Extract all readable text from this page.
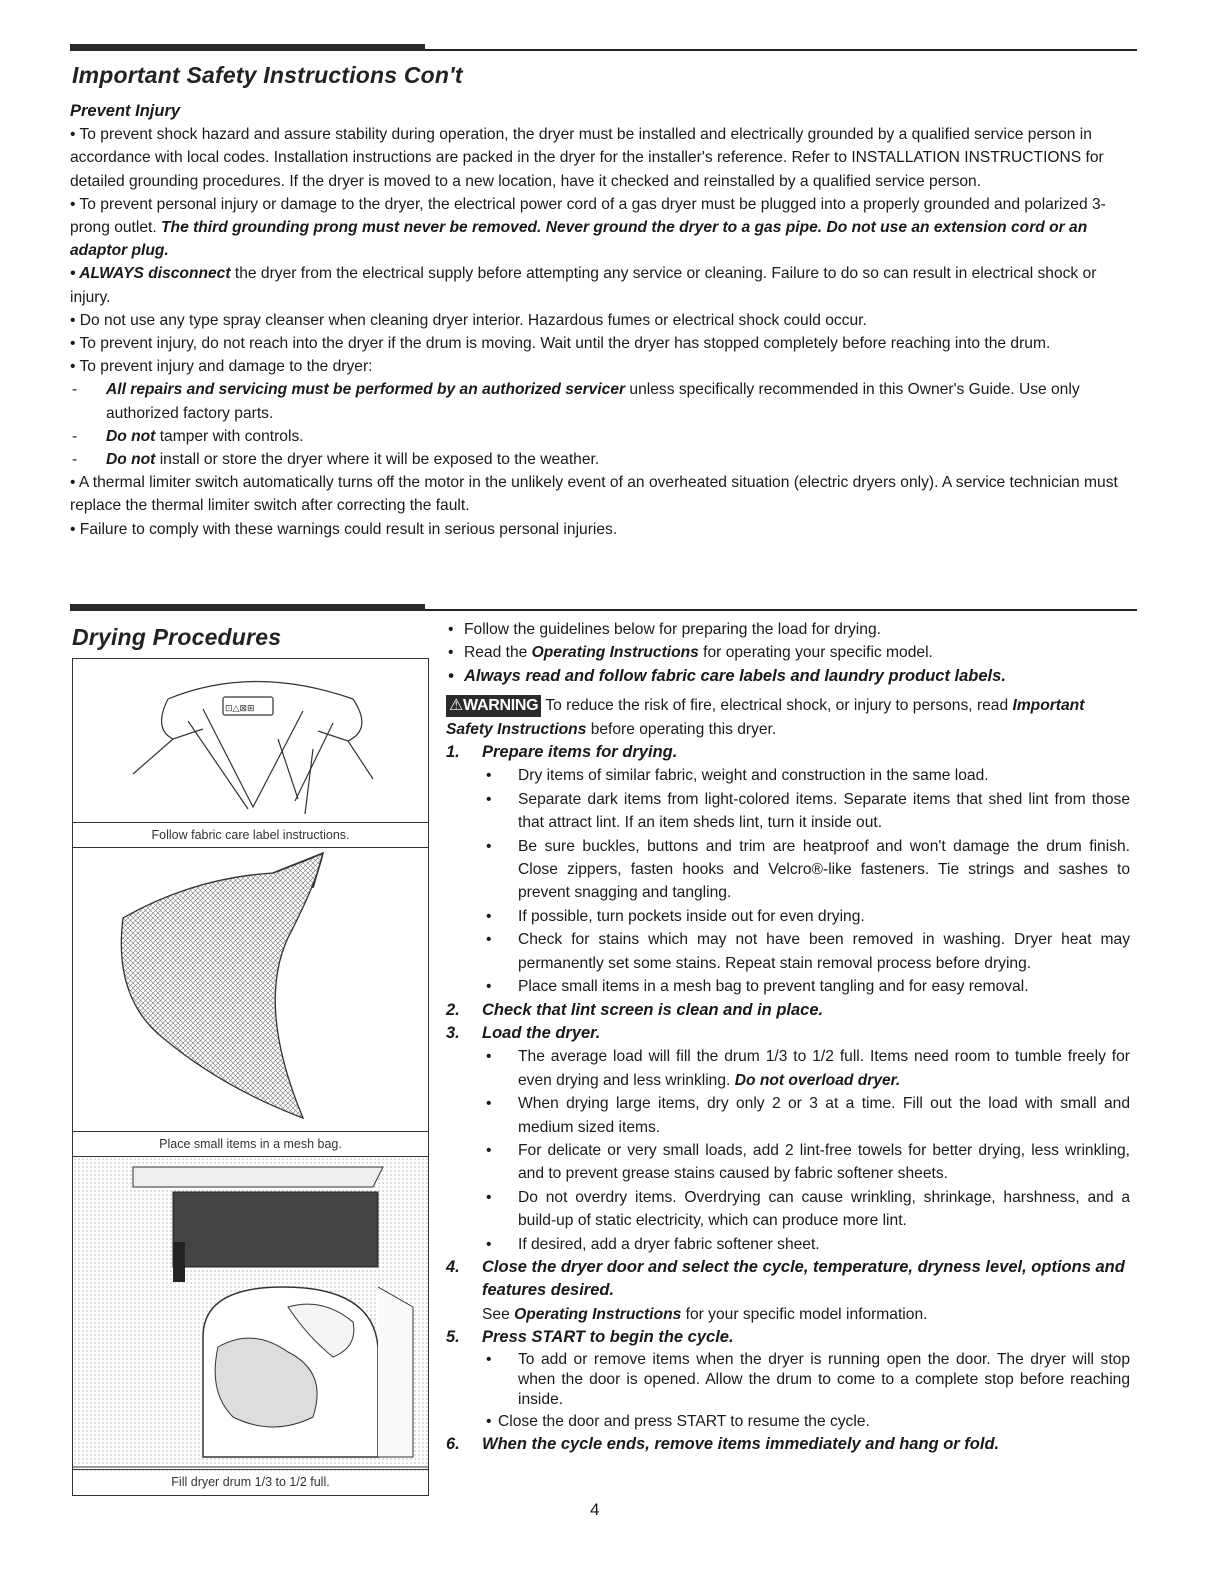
Important Safety Instructions Con't
Prevent Injury

• To prevent shock hazard and assure stability during operation, the dryer must be installed and electrically grounded by a qualified service person in accordance with local codes. Installation instructions are packed in the dryer for the installer's reference. Refer to INSTALLATION INSTRUCTIONS for detailed grounding procedures. If the dryer is moved to a new location, have it checked and reinstalled by a qualified service person.

• To prevent personal injury or damage to the dryer, the electrical power cord of a gas dryer must be plugged into a properly grounded and polarized 3-prong outlet. The third grounding prong must never be removed. Never ground the dryer to a gas pipe. Do not use an extension cord or an adaptor plug.

• ALWAYS disconnect the dryer from the electrical supply before attempting any service or cleaning. Failure to do so can result in electrical shock or injury.

• Do not use any type spray cleanser when cleaning dryer interior. Hazardous fumes or electrical shock could occur.

• To prevent injury, do not reach into the dryer if the drum is moving. Wait until the dryer has stopped completely before reaching into the drum.

• To prevent injury and damage to the dryer:

- All repairs and servicing must be performed by an authorized servicer unless specifically recommended in this Owner's Guide. Use only authorized factory parts.

- Do not tamper with controls.

- Do not install or store the dryer where it will be exposed to the weather.

• A thermal limiter switch automatically turns off the motor in the unlikely event of an overheated situation (electric dryers only). A service technician must replace the thermal limiter switch after correcting the fault.

• Failure to comply with these warnings could result in serious personal injuries.

Drying Procedures
⊡△⊠⊞
Follow fabric care label instructions.
Place small items in a mesh bag.
Fill dryer drum 1/3 to 1/2 full.

• Follow the guidelines below for preparing the load for drying.

• Read the Operating Instructions for operating your specific model.

• Always read and follow fabric care labels and laundry product labels.

⚠WARNING To reduce the risk of fire, electrical shock, or injury to persons, read Important Safety Instructions before operating this dryer.

1. Prepare items for drying.

• Dry items of similar fabric, weight and construction in the same load.

• Separate dark items from light-colored items. Separate items that shed lint from those that attract lint. If an item sheds lint, turn it inside out.

• Be sure buckles, buttons and trim are heatproof and won't damage the drum finish. Close zippers, fasten hooks and Velcro®-like fasteners. Tie strings and sashes to prevent snagging and tangling.

• If possible, turn pockets inside out for even drying.

• Check for stains which may not have been removed in washing. Dryer heat may permanently set some stains. Repeat stain removal process before drying.

• Place small items in a mesh bag to prevent tangling and for easy removal.

2. Check that lint screen is clean and in place.

3. Load the dryer.

• The average load will fill the drum 1/3 to 1/2 full. Items need room to tumble freely for even drying and less wrinkling. Do not overload dryer.

• When drying large items, dry only 2 or 3 at a time. Fill out the load with small and medium sized items.

• For delicate or very small loads, add 2 lint-free towels for better drying, less wrinkling, and to prevent grease stains caused by fabric softener sheets.

• Do not overdry items. Overdrying can cause wrinkling, shrinkage, harshness, and a build-up of static electricity, which can produce more lint.

• If desired, add a dryer fabric softener sheet.

4. Close the dryer door and select the cycle, temperature, dryness level, options and features desired.

See Operating Instructions for your specific model information.

5. Press START to begin the cycle.

• To add or remove items when the dryer is running open the door. The dryer will stop when the door is opened. Allow the drum to come to a complete stop before reaching inside.

• Close the door and press START to resume the cycle.

6. When the cycle ends, remove items immediately and hang or fold.

4
